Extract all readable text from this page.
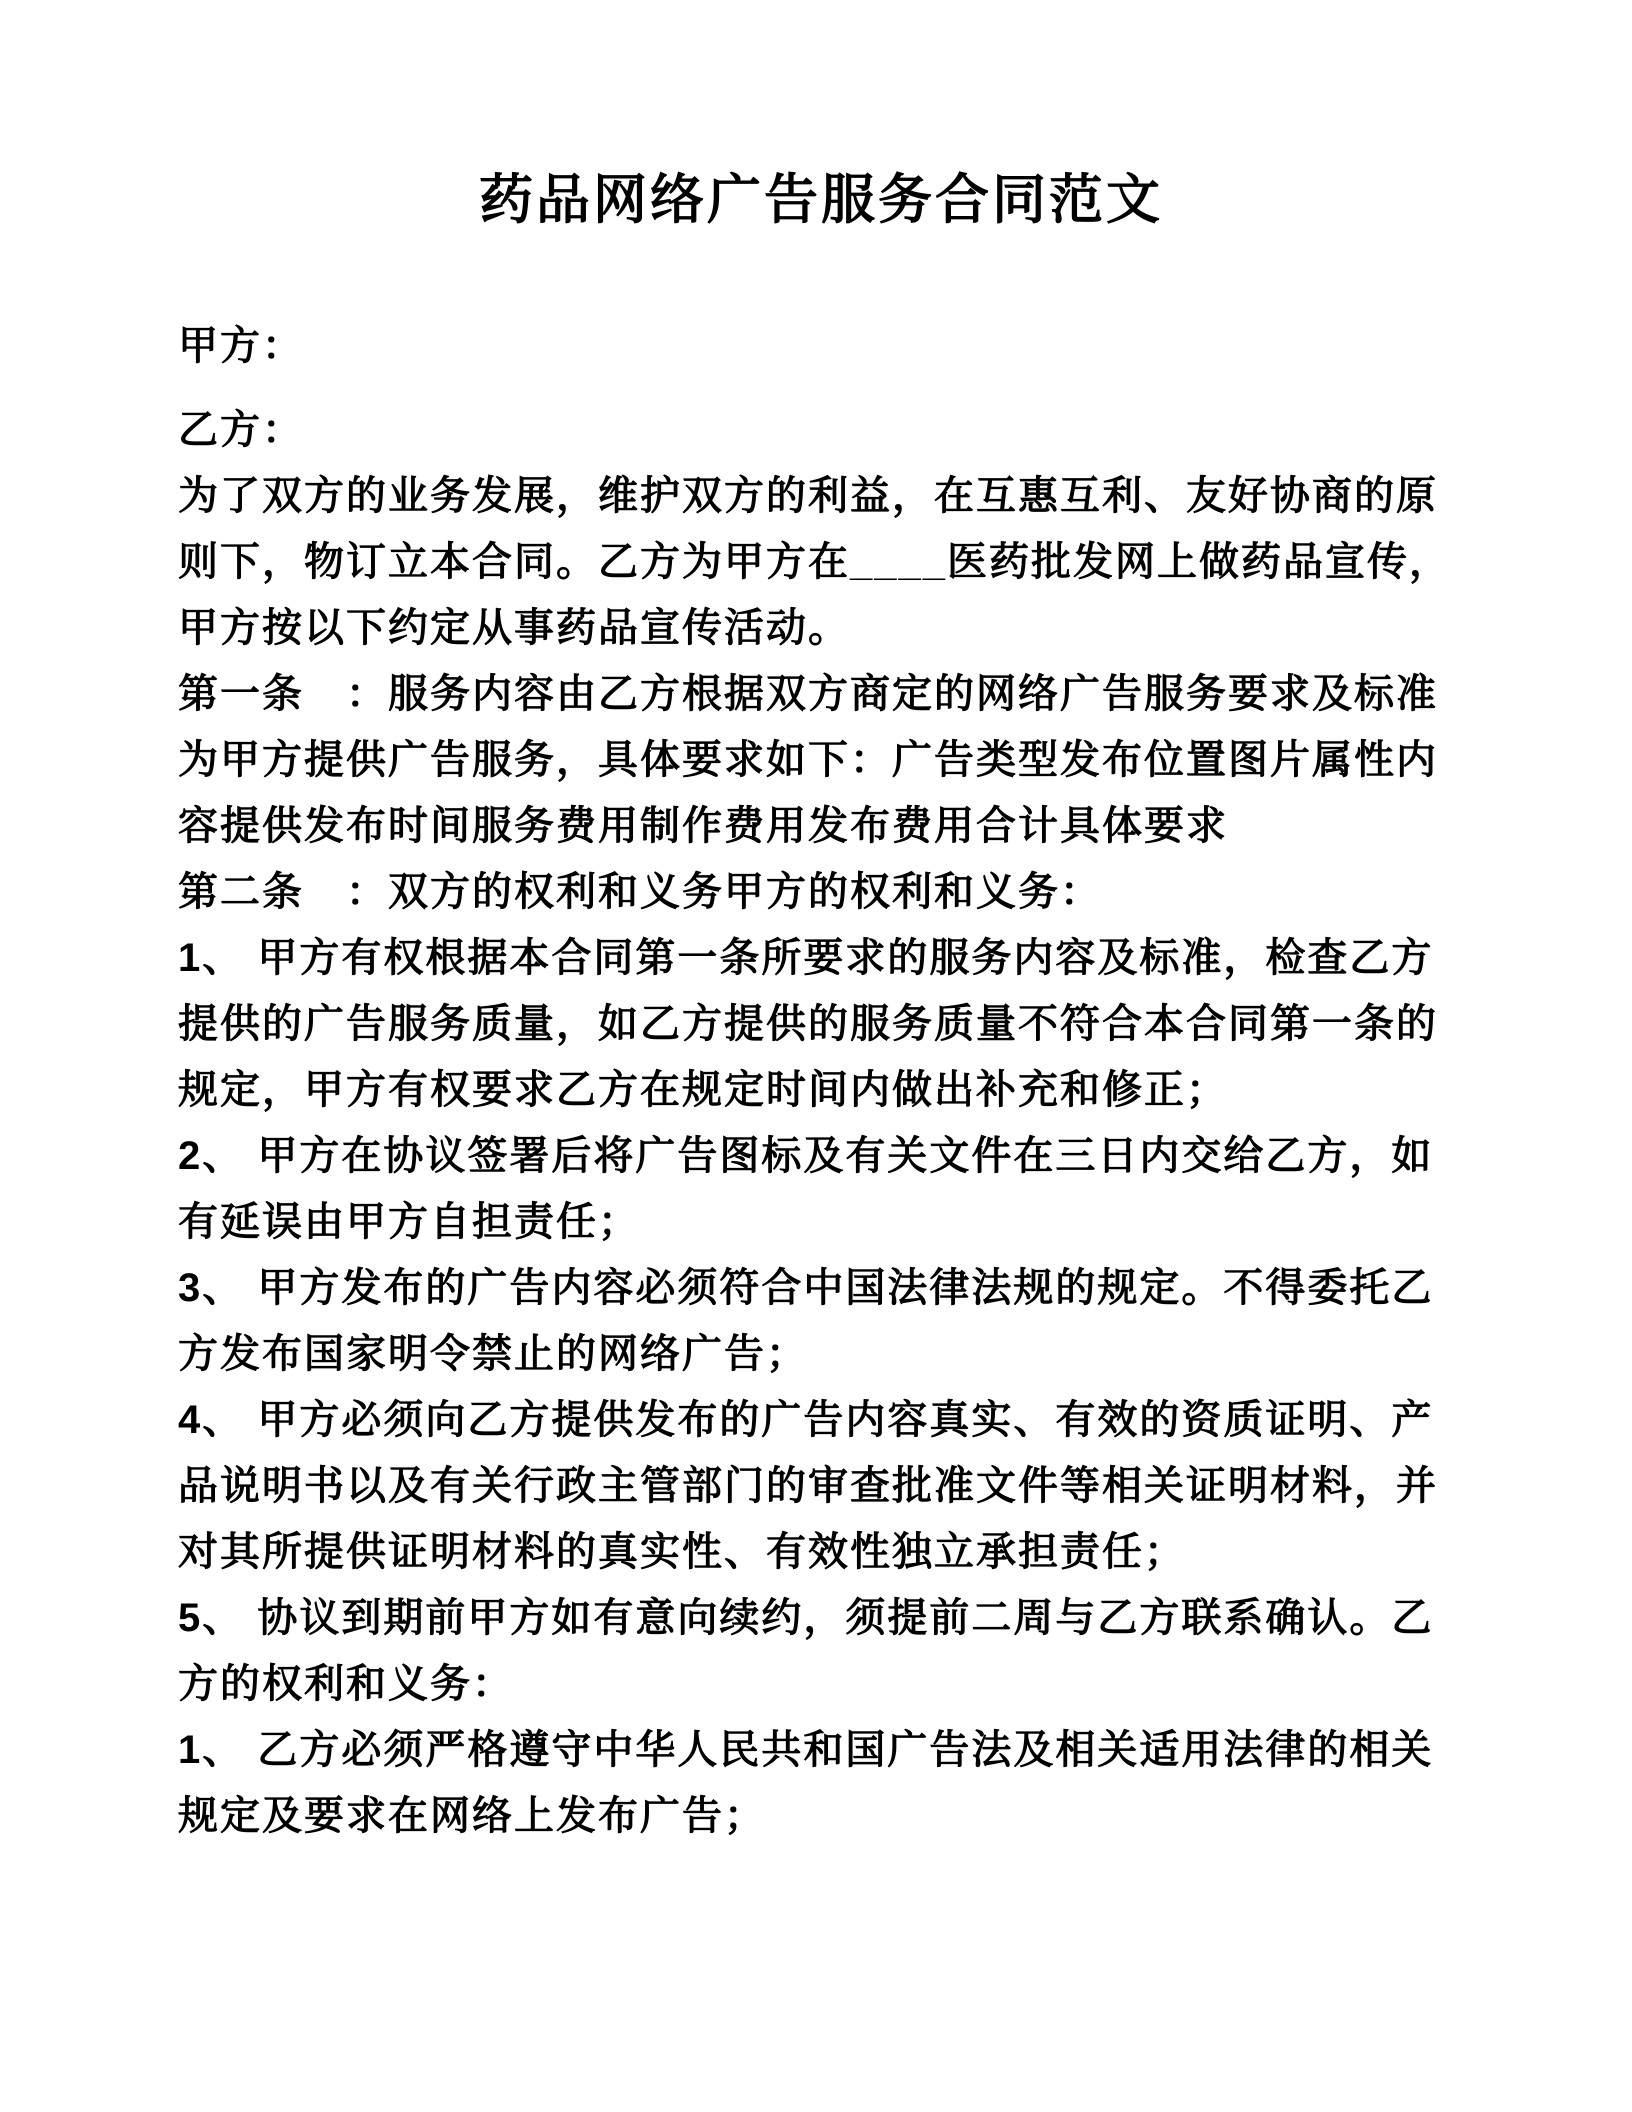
药品网络广告服务合同范文

甲方：

乙方：

为了双方的业务发展，维护双方的利益，在互惠互利、友好协商的原则下，物订立本合同。乙方为甲方在____医药批发网上做药品宣传，甲方按以下约定从事药品宣传活动。

第一条　：服务内容由乙方根据双方商定的网络广告服务要求及标准为甲方提供广告服务，具体要求如下：广告类型发布位置图片属性内容提供发布时间服务费用制作费用发布费用合计具体要求

第二条　：双方的权利和义务甲方的权利和义务：

1、 甲方有权根据本合同第一条所要求的服务内容及标准，检查乙方提供的广告服务质量，如乙方提供的服务质量不符合本合同第一条的规定，甲方有权要求乙方在规定时间内做出补充和修正；

2、 甲方在协议签署后将广告图标及有关文件在三日内交给乙方，如有延误由甲方自担责任；

3、 甲方发布的广告内容必须符合中国法律法规的规定。不得委托乙方发布国家明令禁止的网络广告；

4、 甲方必须向乙方提供发布的广告内容真实、有效的资质证明、产品说明书以及有关行政主管部门的审查批准文件等相关证明材料，并对其所提供证明材料的真实性、有效性独立承担责任；

5、 协议到期前甲方如有意向续约，须提前二周与乙方联系确认。乙方的权利和义务：

1、 乙方必须严格遵守中华人民共和国广告法及相关适用法律的相关规定及要求在网络上发布广告；
